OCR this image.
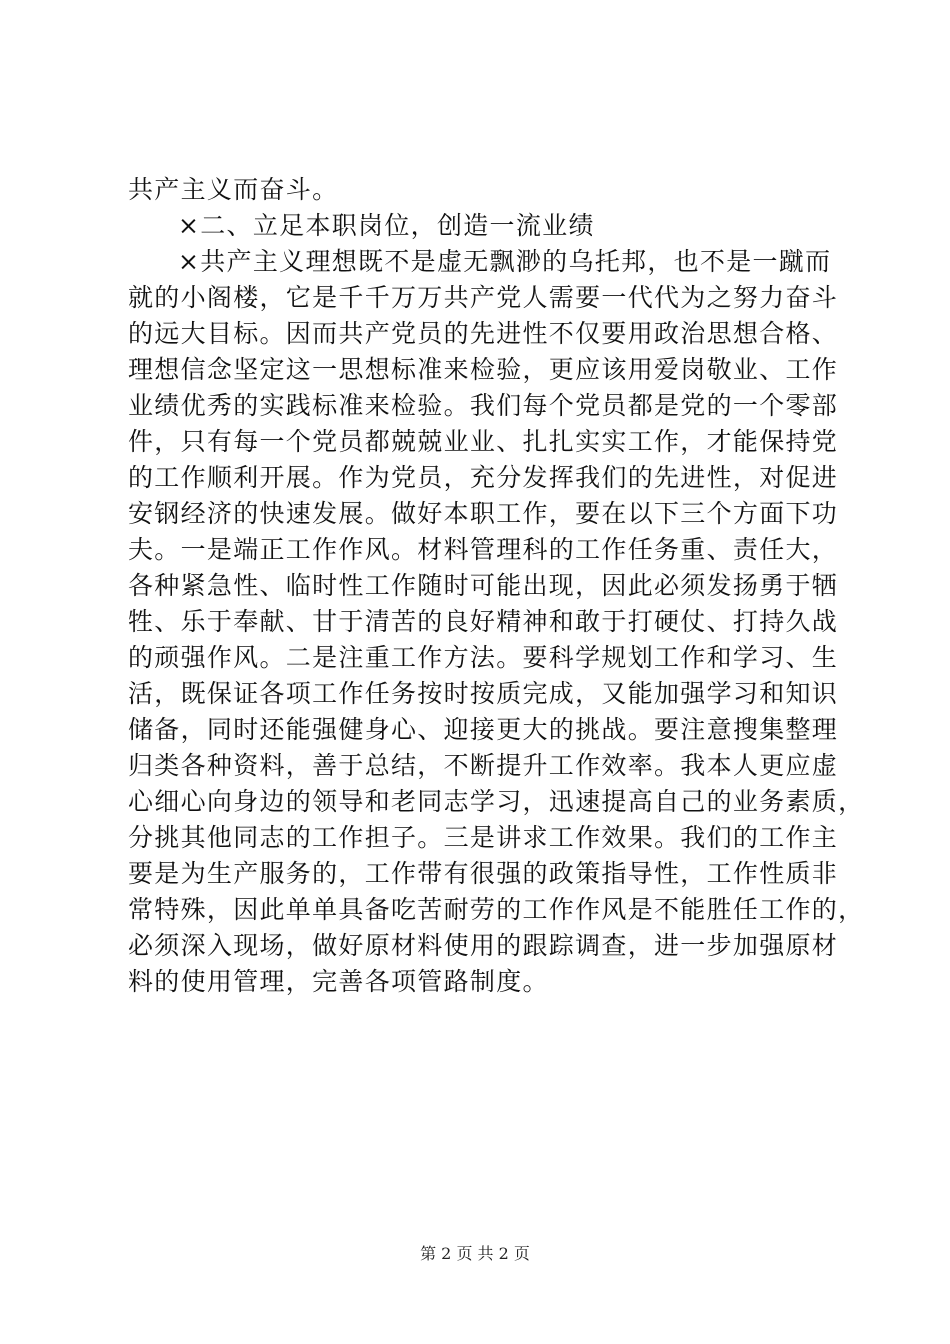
共产主义而奋斗。
×二、立足本职岗位，创造一流业绩
×共产主义理想既不是虚无飘渺的乌托邦，也不是一蹴而
就的小阁楼，它是千千万万共产党人需要一代代为之努力奋斗
的远大目标。因而共产党员的先进性不仅要用政治思想合格、
理想信念坚定这一思想标准来检验，更应该用爱岗敬业、工作
业绩优秀的实践标准来检验。我们每个党员都是党的一个零部
件，只有每一个党员都兢兢业业、扎扎实实工作，才能保持党
的工作顺利开展。作为党员，充分发挥我们的先进性，对促进
安钢经济的快速发展。做好本职工作，要在以下三个方面下功
夫。一是端正工作作风。材料管理科的工作任务重、责任大，
各种紧急性、临时性工作随时可能出现，因此必须发扬勇于牺
牲、乐于奉献、甘于清苦的良好精神和敢于打硬仗、打持久战
的顽强作风。二是注重工作方法。要科学规划工作和学习、生
活，既保证各项工作任务按时按质完成，又能加强学习和知识
储备，同时还能强健身心、迎接更大的挑战。要注意搜集整理
归类各种资料，善于总结，不断提升工作效率。我本人更应虚
心细心向身边的领导和老同志学习，迅速提高自己的业务素质，
分挑其他同志的工作担子。三是讲求工作效果。我们的工作主
要是为生产服务的，工作带有很强的政策指导性，工作性质非
常特殊，因此单单具备吃苦耐劳的工作作风是不能胜任工作的，
必须深入现场，做好原材料使用的跟踪调查，进一步加强原材
料的使用管理，完善各项管路制度。
第 2 页 共 2 页
